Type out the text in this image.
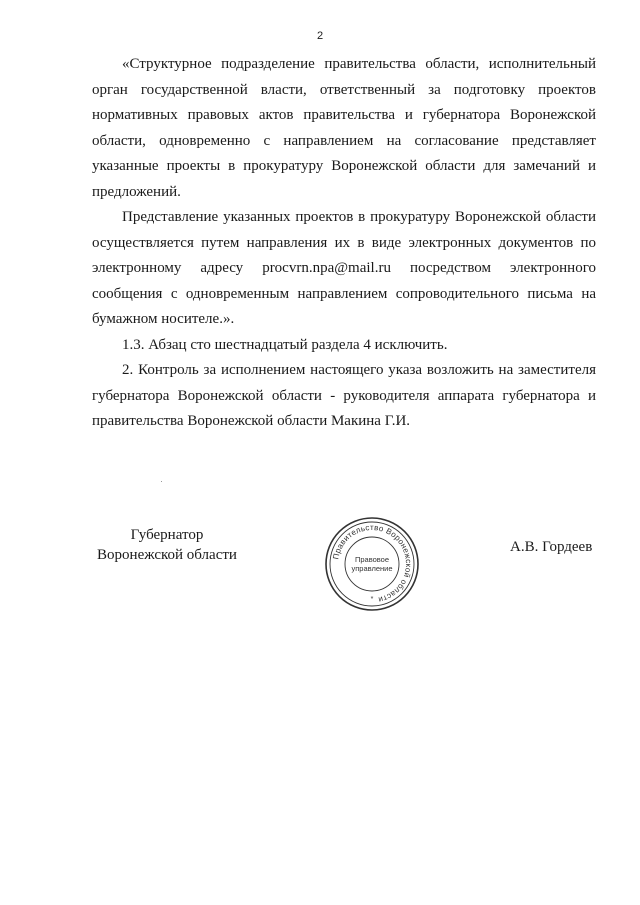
2

«Структурное подразделение правительства области, исполнительный орган государственной власти, ответственный за подготовку проектов нормативных правовых актов правительства и губернатора Воронежской области, одновременно с направлением на согласование представляет указанные проекты в прокуратуру Воронежской области для замечаний и предложений.

Представление указанных проектов в прокуратуру Воронежской области осуществляется путем направления их в виде электронных документов по электронному адресу procvrn.npa@mail.ru посредством электронного сообщения с одновременным направлением сопроводительного письма на бумажном носителе.».

1.3. Абзац сто шестнадцатый раздела 4 исключить.

2. Контроль за исполнением настоящего указа возложить на заместителя губернатора Воронежской области - руководителя аппарата губернатора и правительства Воронежской области Макина Г.И.

Губернатор
Воронежской области	Правительство Воронежской области
Правовое
управление
*
А.В. Гордеев
